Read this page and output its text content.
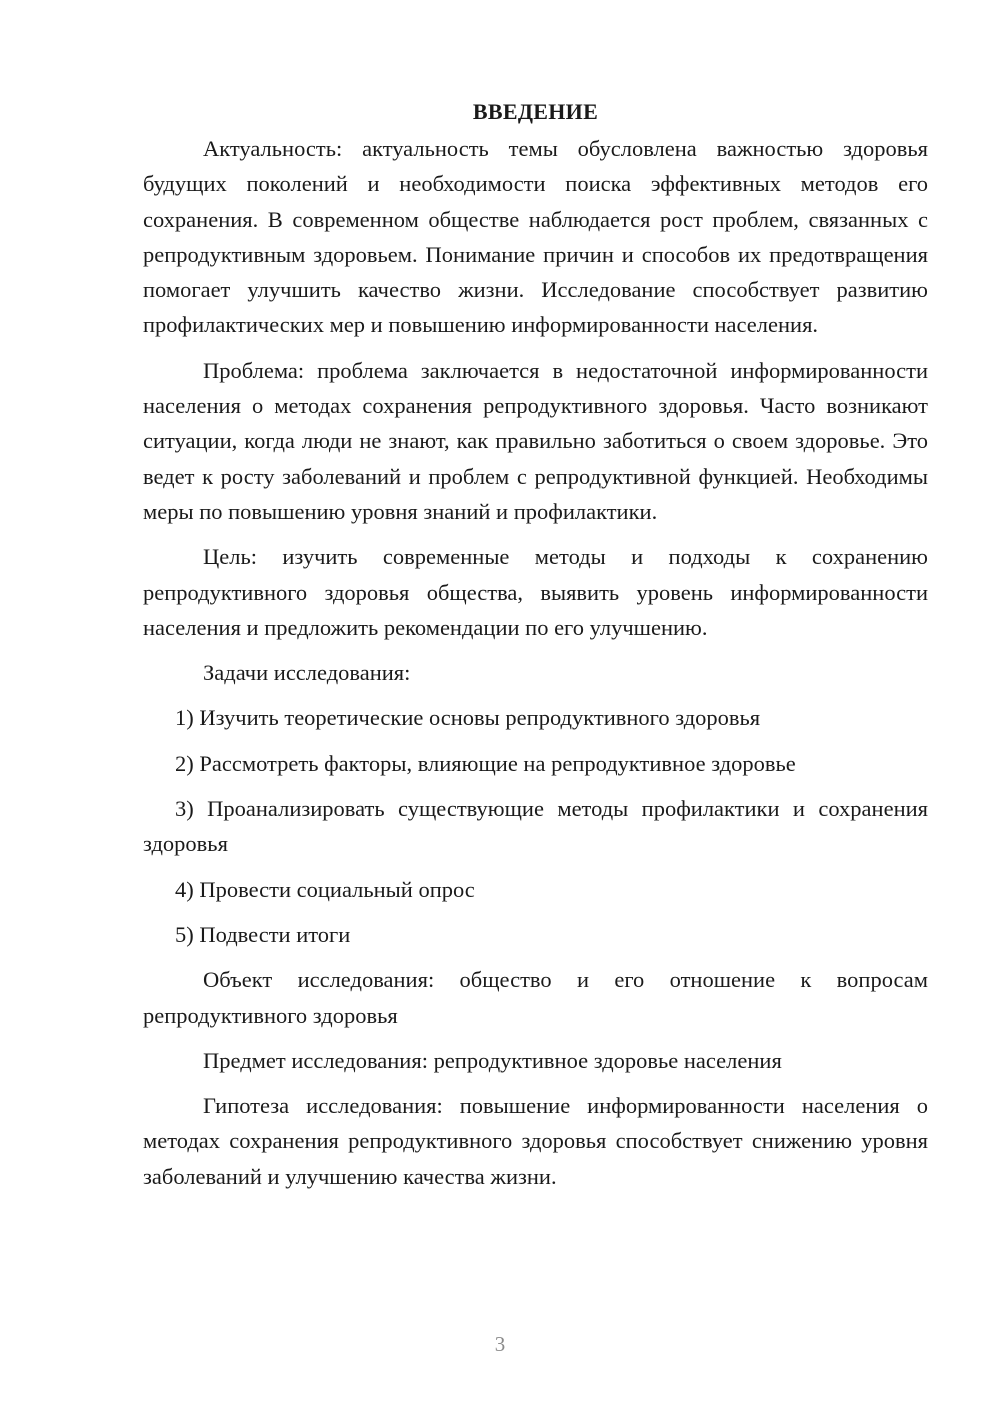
ВВЕДЕНИЕ

Актуальность: актуальность темы обусловлена важностью здоровья будущих поколений и необходимости поиска эффективных методов его сохранения. В современном обществе наблюдается рост проблем, связанных с репродуктивным здоровьем. Понимание причин и способов их предотвращения помогает улучшить качество жизни. Исследование способствует развитию профилактических мер и повышению информированности населения.

Проблема: проблема заключается в недостаточной информированности населения о методах сохранения репродуктивного здоровья. Часто возникают ситуации, когда люди не знают, как правильно заботиться о своем здоровье. Это ведет к росту заболеваний и проблем с репродуктивной функцией. Необходимы меры по повышению уровня знаний и профилактики.

Цель: изучить современные методы и подходы к сохранению репродуктивного здоровья общества, выявить уровень информированности населения и предложить рекомендации по его улучшению.

Задачи исследования:

1) Изучить теоретические основы репродуктивного здоровья

2) Рассмотреть факторы, влияющие на репродуктивное здоровье

3) Проанализировать существующие методы профилактики и сохранения здоровья

4) Провести социальный опрос

5) Подвести итоги

Объект исследования: общество и его отношение к вопросам репродуктивного здоровья

Предмет исследования: репродуктивное здоровье населения

Гипотеза исследования: повышение информированности населения о методах сохранения репродуктивного здоровья способствует снижению уровня заболеваний и улучшению качества жизни.

3
